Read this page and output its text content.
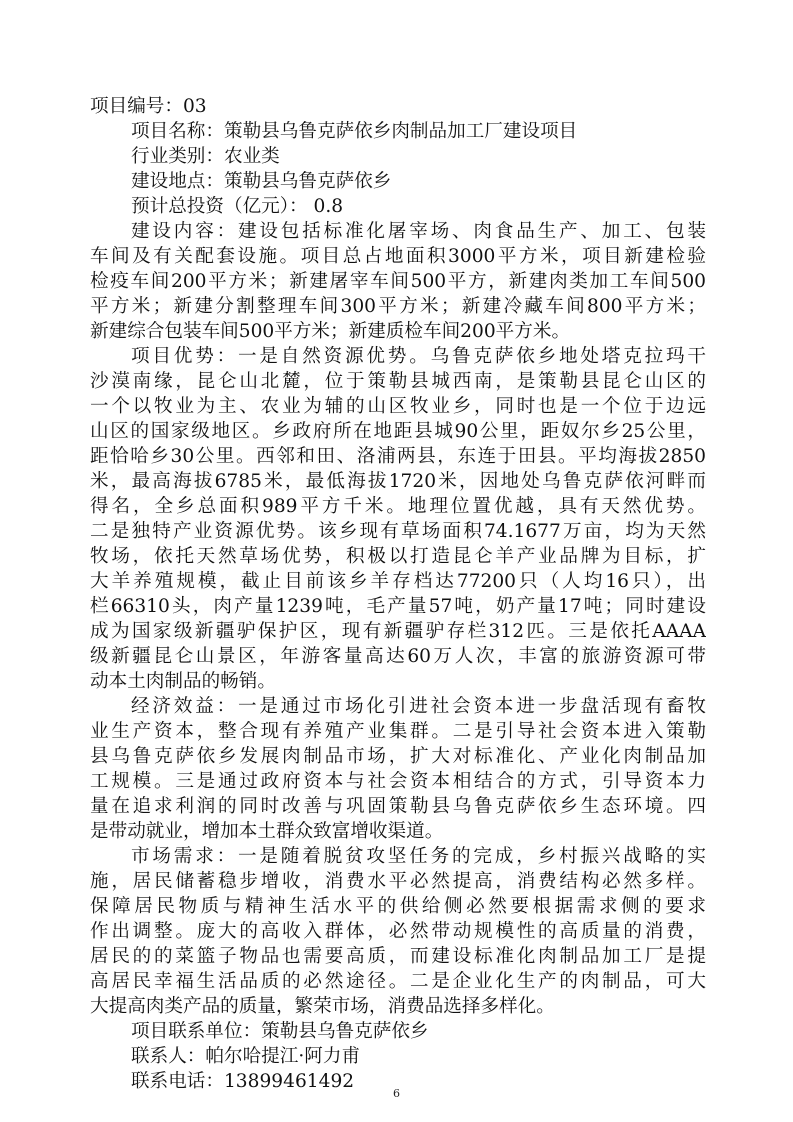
项目编号：03
项目名称：策勒县乌鲁克萨依乡肉制品加工厂建设项目
行业类别：农业类
建设地点：策勒县乌鲁克萨依乡
预计总投资（亿元）： 0.8
建设内容：建设包括标准化屠宰场、肉食品生产、加工、包装
车间及有关配套设施。项目总占地面积3000平方米，项目新建检验
检疫车间200平方米；新建屠宰车间500平方，新建肉类加工车间500
平方米；新建分割整理车间300平方米；新建冷藏车间800平方米；
新建综合包装车间500平方米；新建质检车间200平方米。
项目优势：一是自然资源优势。乌鲁克萨依乡地处塔克拉玛干
沙漠南缘，昆仑山北麓，位于策勒县城西南，是策勒县昆仑山区的
一个以牧业为主、农业为辅的山区牧业乡，同时也是一个位于边远
山区的国家级地区。乡政府所在地距县城90公里，距奴尔乡25公里，
距恰哈乡30公里。西邻和田、洛浦两县，东连于田县。平均海拔2850
米，最高海拔6785米，最低海拔1720米，因地处乌鲁克萨依河畔而
得名，全乡总面积989平方千米。地理位置优越，具有天然优势。
二是独特产业资源优势。该乡现有草场面积74.1677万亩，均为天然
牧场，依托天然草场优势，积极以打造昆仑羊产业品牌为目标，扩
大羊养殖规模，截止目前该乡羊存档达77200只（人均16只），出
栏66310头，肉产量1239吨，毛产量57吨，奶产量17吨；同时建设
成为国家级新疆驴保护区，现有新疆驴存栏312匹。三是依托AAAA
级新疆昆仑山景区，年游客量高达60万人次，丰富的旅游资源可带
动本土肉制品的畅销。
经济效益：一是通过市场化引进社会资本进一步盘活现有畜牧
业生产资本，整合现有养殖产业集群。二是引导社会资本进入策勒
县乌鲁克萨依乡发展肉制品市场，扩大对标准化、产业化肉制品加
工规模。三是通过政府资本与社会资本相结合的方式，引导资本力
量在追求利润的同时改善与巩固策勒县乌鲁克萨依乡生态环境。四
是带动就业，增加本土群众致富增收渠道。
市场需求：一是随着脱贫攻坚任务的完成，乡村振兴战略的实
施，居民储蓄稳步增收，消费水平必然提高，消费结构必然多样。
保障居民物质与精神生活水平的供给侧必然要根据需求侧的要求
作出调整。庞大的高收入群体，必然带动规模性的高质量的消费，
居民的的菜篮子物品也需要高质，而建设标准化肉制品加工厂是提
高居民幸福生活品质的必然途径。二是企业化生产的肉制品，可大
大提高肉类产品的质量，繁荣市场，消费品选择多样化。
项目联系单位：策勒县乌鲁克萨依乡
联系人：帕尔哈提江·阿力甫
联系电话：13899461492
6
